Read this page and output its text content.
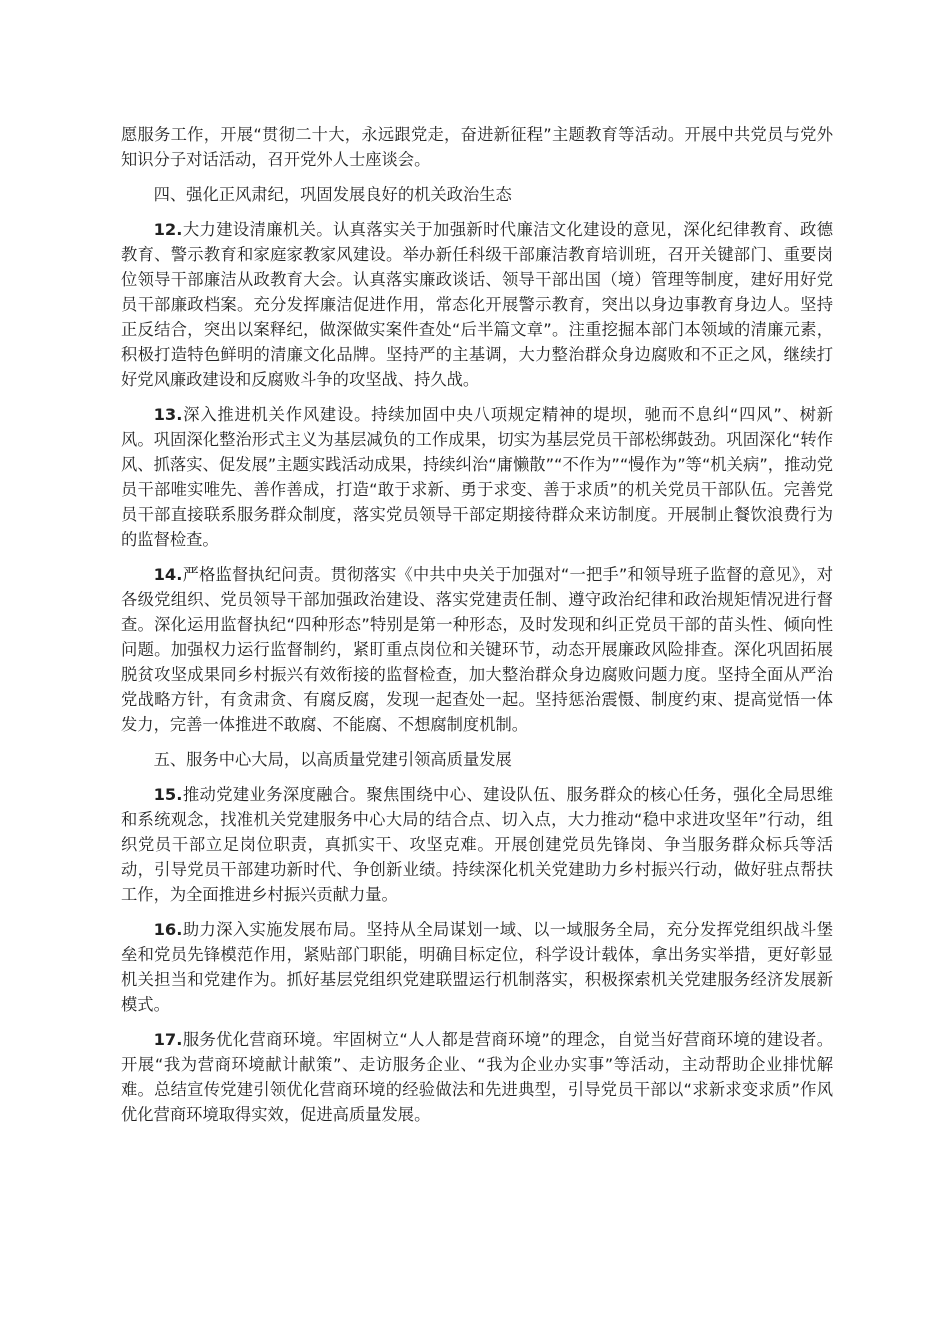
愿服务工作，开展“贯彻二十大，永远跟党走，奋进新征程”主题教育等活动。开展中共党员与党外知识分子对话活动，召开党外人士座谈会。

四、强化正风肃纪，巩固发展良好的机关政治生态

12.大力建设清廉机关。认真落实关于加强新时代廉洁文化建设的意见，深化纪律教育、政德教育、警示教育和家庭家教家风建设。举办新任科级干部廉洁教育培训班，召开关键部门、重要岗位领导干部廉洁从政教育大会。认真落实廉政谈话、领导干部出国（境）管理等制度，建好用好党员干部廉政档案。充分发挥廉洁促进作用，常态化开展警示教育，突出以身边事教育身边人。坚持正反结合，突出以案释纪，做深做实案件查处“后半篇文章”。注重挖掘本部门本领域的清廉元素，积极打造特色鲜明的清廉文化品牌。坚持严的主基调，大力整治群众身边腐败和不正之风，继续打好党风廉政建设和反腐败斗争的攻坚战、持久战。

13.深入推进机关作风建设。持续加固中央八项规定精神的堤坝，驰而不息纠“四风”、树新风。巩固深化整治形式主义为基层减负的工作成果，切实为基层党员干部松绑鼓劲。巩固深化“转作风、抓落实、促发展”主题实践活动成果，持续纠治“庸懒散”“不作为”“慢作为”等“机关病”，推动党员干部唯实唯先、善作善成，打造“敢于求新、勇于求变、善于求质”的机关党员干部队伍。完善党员干部直接联系服务群众制度，落实党员领导干部定期接待群众来访制度。开展制止餐饮浪费行为的监督检查。

14.严格监督执纪问责。贯彻落实《中共中央关于加强对“一把手”和领导班子监督的意见》，对各级党组织、党员领导干部加强政治建设、落实党建责任制、遵守政治纪律和政治规矩情况进行督查。深化运用监督执纪“四种形态”特别是第一种形态，及时发现和纠正党员干部的苗头性、倾向性问题。加强权力运行监督制约，紧盯重点岗位和关键环节，动态开展廉政风险排查。深化巩固拓展脱贫攻坚成果同乡村振兴有效衔接的监督检查，加大整治群众身边腐败问题力度。坚持全面从严治党战略方针，有贪肃贪、有腐反腐，发现一起查处一起。坚持惩治震慑、制度约束、提高觉悟一体发力，完善一体推进不敢腐、不能腐、不想腐制度机制。

五、服务中心大局，以高质量党建引领高质量发展

15.推动党建业务深度融合。聚焦围绕中心、建设队伍、服务群众的核心任务，强化全局思维和系统观念，找准机关党建服务中心大局的结合点、切入点，大力推动“稳中求进攻坚年”行动，组织党员干部立足岗位职责，真抓实干、攻坚克难。开展创建党员先锋岗、争当服务群众标兵等活动，引导党员干部建功新时代、争创新业绩。持续深化机关党建助力乡村振兴行动，做好驻点帮扶工作，为全面推进乡村振兴贡献力量。

16.助力深入实施发展布局。坚持从全局谋划一域、以一域服务全局，充分发挥党组织战斗堡垒和党员先锋模范作用，紧贴部门职能，明确目标定位，科学设计载体，拿出务实举措，更好彰显机关担当和党建作为。抓好基层党组织党建联盟运行机制落实，积极探索机关党建服务经济发展新模式。

17.服务优化营商环境。牢固树立“人人都是营商环境”的理念，自觉当好营商环境的建设者。开展“我为营商环境献计献策”、走访服务企业、“我为企业办实事”等活动，主动帮助企业排忧解难。总结宣传党建引领优化营商环境的经验做法和先进典型，引导党员干部以“求新求变求质”作风优化营商环境取得实效，促进高质量发展。
